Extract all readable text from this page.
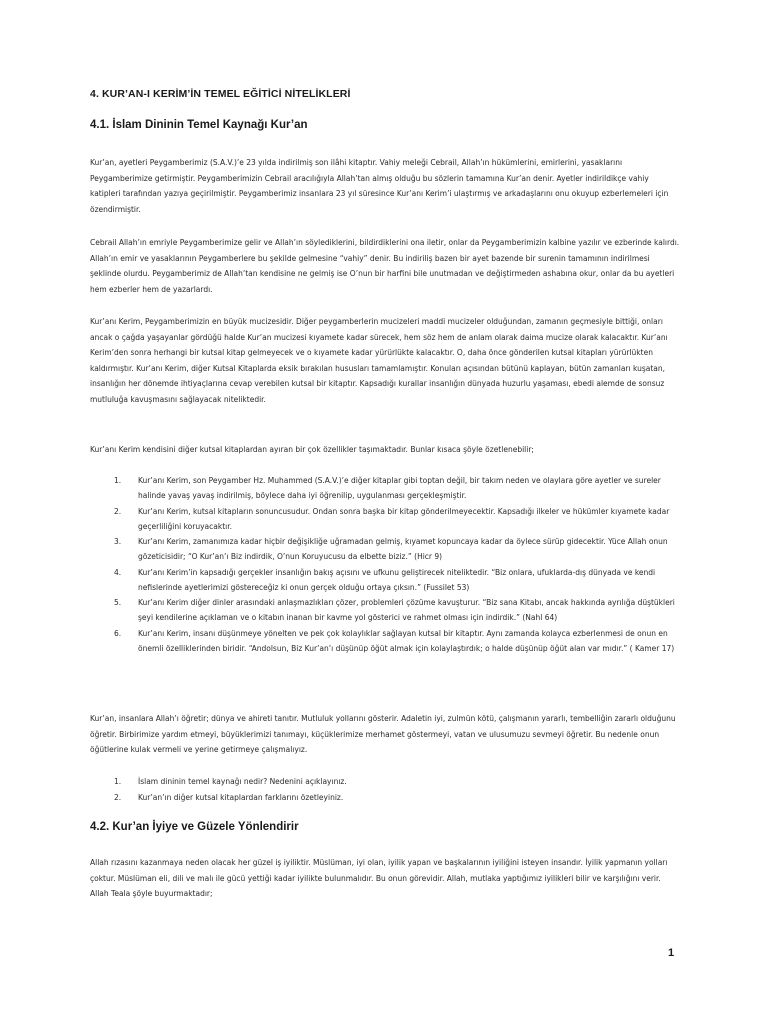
4. KUR’AN-I KERİM’İN TEMEL EĞİTİCİ NİTELİKLERİ
4.1. İslam Dininin Temel Kaynağı Kur’an

Kur’an, ayetleri Peygamberimiz (S.A.V.)’e 23 yılda indirilmiş son ilâhi kitaptır. Vahiy meleği Cebrail, Allah’ın hükümlerini, emirlerini, yasaklarını Peygamberimize getirmiştir. Peygamberimizin Cebrail aracılığıyla Allah’tan almış olduğu bu sözlerin tamamına Kur’an denir. Ayetler indirildikçe vahiy katipleri tarafından yazıya geçirilmiştir. Peygamberimiz insanlara 23 yıl süresince Kur’anı Kerim’i ulaştırmış ve arkadaşlarını onu okuyup ezberlemeleri için özendirmiştir.

Cebrail Allah’ın emriyle Peygamberimize gelir ve Allah’ın söylediklerini, bildirdiklerini ona iletir, onlar da Peygamberimizin kalbine yazılır ve ezberinde kalırdı. Allah’ın emir ve yasaklarının Peygamberlere bu şekilde gelmesine “vahiy” denir. Bu indiriliş bazen bir ayet bazende bir surenin tamamının indirilmesi şeklinde olurdu. Peygamberimiz de Allah’tan kendisine ne gelmiş ise O’nun bir harfini bile unutmadan ve değiştirmeden ashabına okur, onlar da bu ayetleri hem ezberler hem de yazarlardı.

Kur’anı Kerim, Peygamberimizin en büyük mucizesidir. Diğer peygamberlerin mucizeleri maddi mucizeler olduğundan, zamanın geçmesiyle bittiği, onları ancak o çağda yaşayanlar gördüğü halde Kur’an mucizesi kıyamete kadar sürecek, hem söz hem de anlam olarak daima mucize olarak kalacaktır. Kur’anı Kerim’den sonra herhangi bir kutsal kitap gelmeyecek ve o kıyamete kadar yürürlükte kalacaktır. O, daha önce gönderilen kutsal kitapları yürürlükten kaldırmıştır. Kur’anı Kerim, diğer Kutsal Kitaplarda eksik bırakılan hususları tamamlamıştır. Konuları açısından bütünü kaplayan, bütün zamanları kuşatan, insanlığın her dönemde ihtiyaçlarına cevap verebilen kutsal bir kitaptır. Kapsadığı kurallar insanlığın dünyada huzurlu yaşaması, ebedi alemde de sonsuz mutluluğa kavuşmasını sağlayacak niteliktedir.

Kur’anı Kerim kendisini diğer kutsal kitaplardan ayıran bir çok özellikler taşımaktadır. Bunlar kısaca şöyle özetlenebilir;

1. Kur’anı Kerim, son Peygamber Hz. Muhammed (S.A.V.)’e diğer kitaplar gibi toptan değil, bir takım neden ve olaylara göre ayetler ve sureler halinde yavaş yavaş indirilmiş, böylece daha iyi öğrenilip, uygulanması gerçekleşmiştir.
2. Kur’anı Kerim, kutsal kitapların sonuncusudur. Ondan sonra başka bir kitap gönderilmeyecektir. Kapsadığı ilkeler ve hükümler kıyamete kadar geçerliliğini koruyacaktır.
3. Kur’anı Kerim, zamanımıza kadar hiçbir değişikliğe uğramadan gelmiş, kıyamet kopuncaya kadar da öylece sürüp gidecektir. Yüce Allah onun gözeticisidir; “O Kur’an’ı Biz indirdik, O’nun Koruyucusu da elbette biziz.” (Hicr 9)
4. Kur’anı Kerim’in kapsadığı gerçekler insanlığın bakış açısını ve ufkunu geliştirecek niteliktedir. “Biz onlara, ufuklarda-dış dünyada ve kendi nefislerinde ayetlerimizi göstereceğiz ki onun gerçek olduğu ortaya çıksın.” (Fussilet 53)
5. Kur’anı Kerim diğer dinler arasındaki anlaşmazlıkları çözer, problemleri çözüme kavuşturur. “Biz sana Kitabı, ancak hakkında ayrılığa düştükleri şeyi kendilerine açıklaman ve o kitabın inanan bir kavme yol gösterici ve rahmet olması için indirdik.” (Nahl 64)
6. Kur’anı Kerim, insanı düşünmeye yönelten ve pek çok kolaylıklar sağlayan kutsal bir kitaptır. Aynı zamanda kolayca ezberlenmesi de onun en önemli özelliklerinden biridir. “Andolsun, Biz Kur’an’ı düşünüp öğüt almak için kolaylaştırdık; o halde düşünüp öğüt alan var mıdır.” ( Kamer 17)

Kur’an, insanlara Allah’ı öğretir; dünya ve ahireti tanıtır. Mutluluk yollarını gösterir. Adaletin iyi, zulmün kötü, çalışmanın yararlı, tembelliğin zararlı olduğunu öğretir. Birbirimize yardım etmeyi, büyüklerimizi tanımayı, küçüklerimize merhamet göstermeyi, vatan ve ulusumuzu sevmeyi öğretir. Bu nedenle onun öğütlerine kulak vermeli ve yerine getirmeye çalışmalıyız.

1. İslam dininin temel kaynağı nedir? Nedenini açıklayınız.
2. Kur’an’ın diğer kutsal kitaplardan farklarını özetleyiniz.
4.2. Kur’an İyiye ve Güzele Yönlendirir

Allah rızasını kazanmaya neden olacak her güzel iş iyiliktir. Müslüman, iyi olan, iyilik yapan ve başkalarının iyiliğini isteyen insandır. İyilik yapmanın yolları çoktur. Müslüman eli, dili ve malı ile gücü yettiği kadar iyilikte bulunmalıdır. Bu onun görevidir. Allah, mutlaka yaptığımız iyilikleri bilir ve karşılığını verir. Allah Teala şöyle buyurmaktadır;

1
